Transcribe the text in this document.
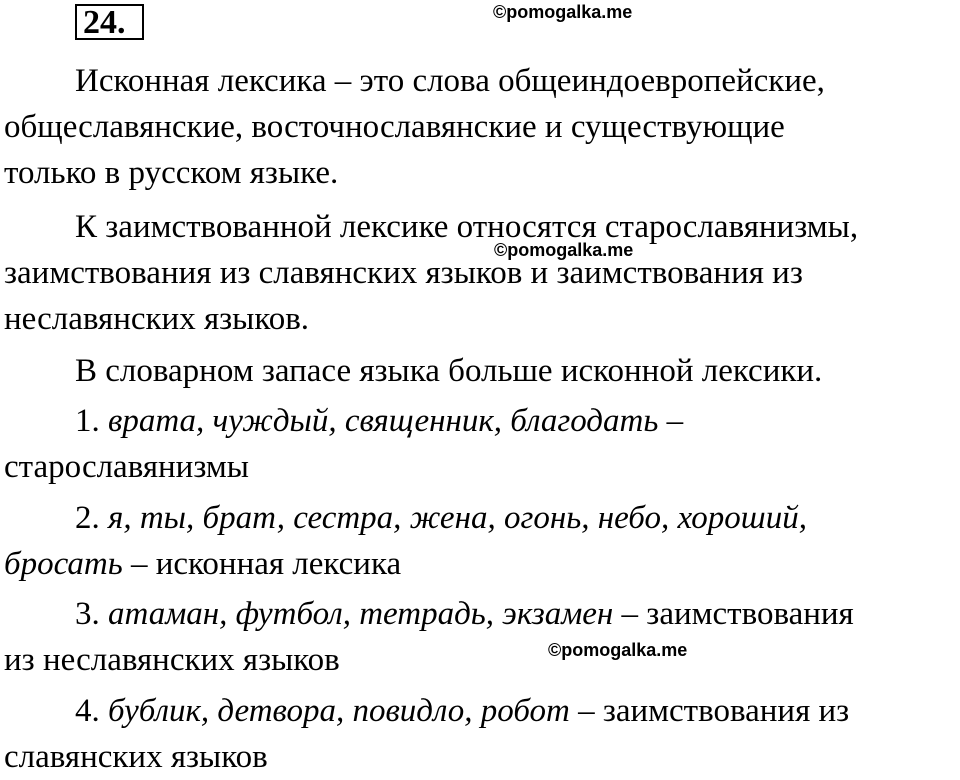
24.	©pomogalka.me
©pomogalka.me
©pomogalka.me
Исконная лексика – это слова общеиндоевропейские,
общеславянские, восточнославянские и существующие
только в русском языке.
К заимствованной лексике относятся старославянизмы,
заимствования из славянских языков и заимствования из
неславянских языков.
В словарном запасе языка больше исконной лексики.
1. врата, чуждый, священник, благодать –
старославянизмы
2. я, ты, брат, сестра, жена, огонь, небо, хороший,
бросать – исконная лексика
3. атаман, футбол, тетрадь, экзамен – заимствования
из неславянских языков
4. бублик, детвора, повидло, робот – заимствования из
славянских языков
